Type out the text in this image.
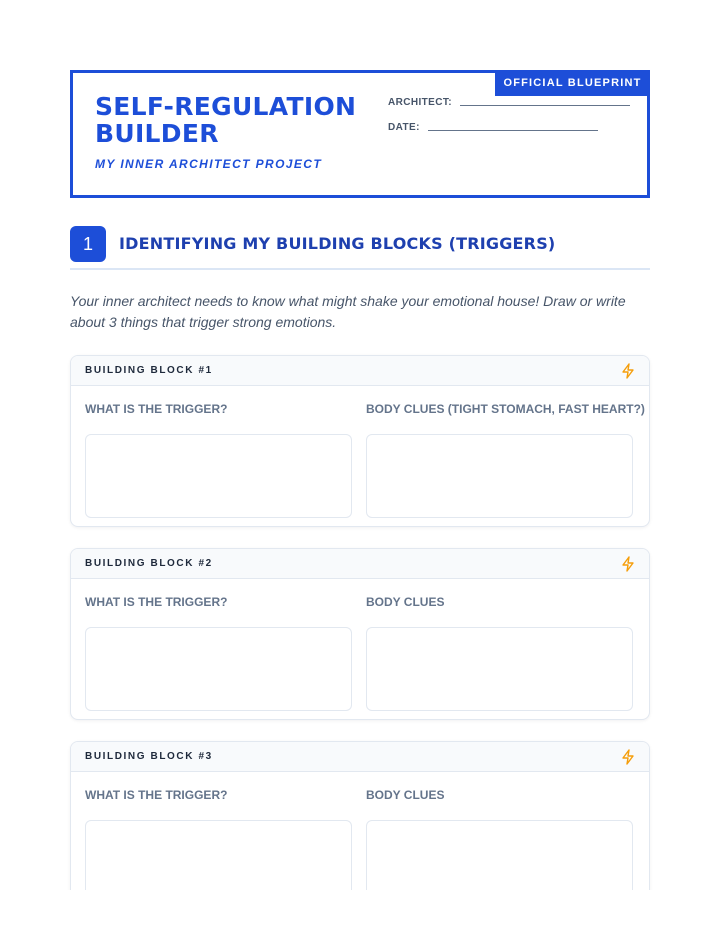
OFFICIAL BLUEPRINT
SELF-REGULATION
BUILDER
MY INNER ARCHITECT PROJECT
ARCHITECT:
DATE:
1	IDENTIFYING MY BUILDING BLOCKS (TRIGGERS)

Your inner architect needs to know what might shake your emotional house! Draw or write about 3 things that trigger strong emotions.

BUILDING BLOCK #1
WHAT IS THE TRIGGER?	BODY CLUES (TIGHT STOMACH, FAST HEART?)
BUILDING BLOCK #2
WHAT IS THE TRIGGER?	BODY CLUES
BUILDING BLOCK #3
WHAT IS THE TRIGGER?	BODY CLUES
